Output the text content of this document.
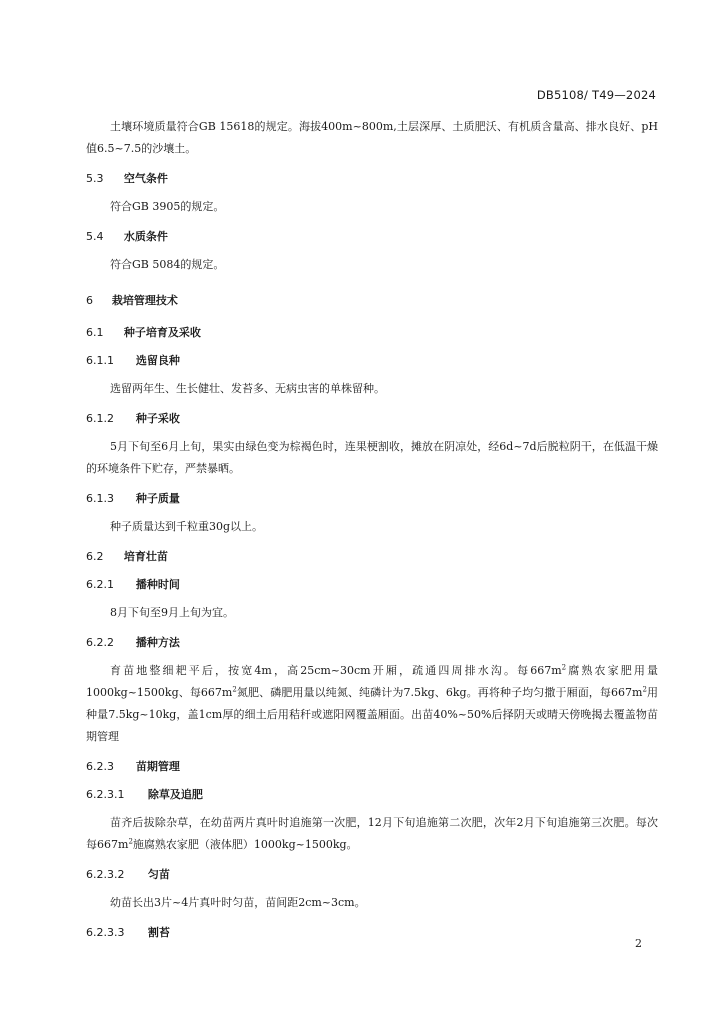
DB5108/ T49—2024

土壤环境质量符合GB 15618的规定。海拔400m~800m,土层深厚、土质肥沃、有机质含量高、排水良好、pH值6.5~7.5的沙壤土。

5.3 空气条件

符合GB 3905的规定。

5.4 水质条件

符合GB 5084的规定。

6 栽培管理技术
6.1 种子培育及采收
6.1.1 选留良种

选留两年生、生长健壮、发苔多、无病虫害的单株留种。

6.1.2 种子采收

5月下旬至6月上旬，果实由绿色变为棕褐色时，连果梗割收，摊放在阴凉处，经6d~7d后脱粒阴干，在低温干燥的环境条件下贮存，严禁暴晒。

6.1.3 种子质量

种子质量达到千粒重30g以上。

6.2 培育壮苗
6.2.1 播种时间

8月下旬至9月上旬为宜。

6.2.2 播种方法

育苗地整细耙平后，按宽4m，高25cm~30cm开厢，疏通四周排水沟。每$667m^2$腐熟农家肥用量1000kg~1500kg、每$667m^2$氮肥、磷肥用量以纯氮、纯磷计为7.5kg、6kg。再将种子均匀撒于厢面，每$667m^2$用种量7.5kg~10kg，盖1cm厚的细土后用秸秆或遮阳网覆盖厢面。出苗40%~50%后择阴天或晴天傍晚揭去覆盖物苗期管理

6.2.3 苗期管理
6.2.3.1 除草及追肥

苗齐后拔除杂草，在幼苗两片真叶时追施第一次肥，12月下旬追施第二次肥，次年2月下旬追施第三次肥。每次每$667m^2$施腐熟农家肥（液体肥）1000kg~1500kg。

6.2.3.2 匀苗

幼苗长出3片~4片真叶时匀苗，苗间距2cm~3cm。

6.2.3.3 割苔
2
